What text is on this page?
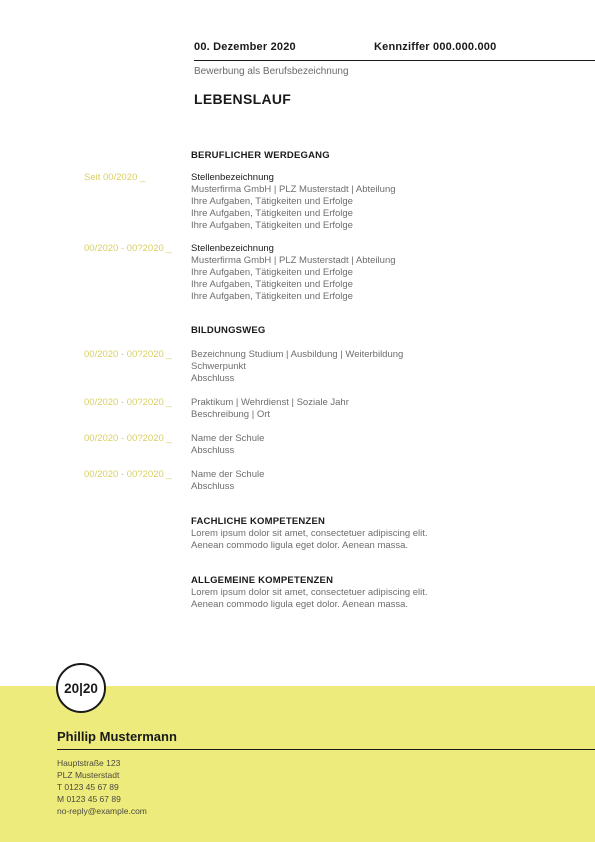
00. Dezember 2020	Kennziffer 000.000.000
Bewerbung als Berufsbezeichnung
LEBENSLAUF
BERUFLICHER WERDEGANG
Seit 00/2020 _	Stellenbezeichnung
Musterfirma GmbH | PLZ Musterstadt | Abteilung
Ihre Aufgaben, Tätigkeiten und Erfolge
Ihre Aufgaben, Tätigkeiten und Erfolge
Ihre Aufgaben, Tätigkeiten und Erfolge
00/2020 - 00?2020 _ Stellenbezeichnung
Musterfirma GmbH | PLZ Musterstadt | Abteilung
Ihre Aufgaben, Tätigkeiten und Erfolge
Ihre Aufgaben, Tätigkeiten und Erfolge
Ihre Aufgaben, Tätigkeiten und Erfolge
BILDUNGSWEG
00/2020 - 00?2020 _ Bezeichnung Studium | Ausbildung | Weiterbildung
Schwerpunkt
Abschluss
00/2020 - 00?2020 _ Praktikum | Wehrdienst | Soziale Jahr
Beschreibung | Ort
00/2020 - 00?2020 _ Name der Schule
Abschluss
00/2020 - 00?2020 _ Name der Schule
Abschluss
FACHLICHE KOMPETENZEN
Lorem ipsum dolor sit amet, consectetuer adipiscing elit.
Aenean commodo ligula eget dolor. Aenean massa.
ALLGEMEINE KOMPETENZEN
Lorem ipsum dolor sit amet, consectetuer adipiscing elit.
Aenean commodo ligula eget dolor. Aenean massa.
20|20
Phillip Mustermann
Hauptstraße 123
PLZ Musterstadt
T 0123 45 67 89
M 0123 45 67 89
no-reply@example.com
